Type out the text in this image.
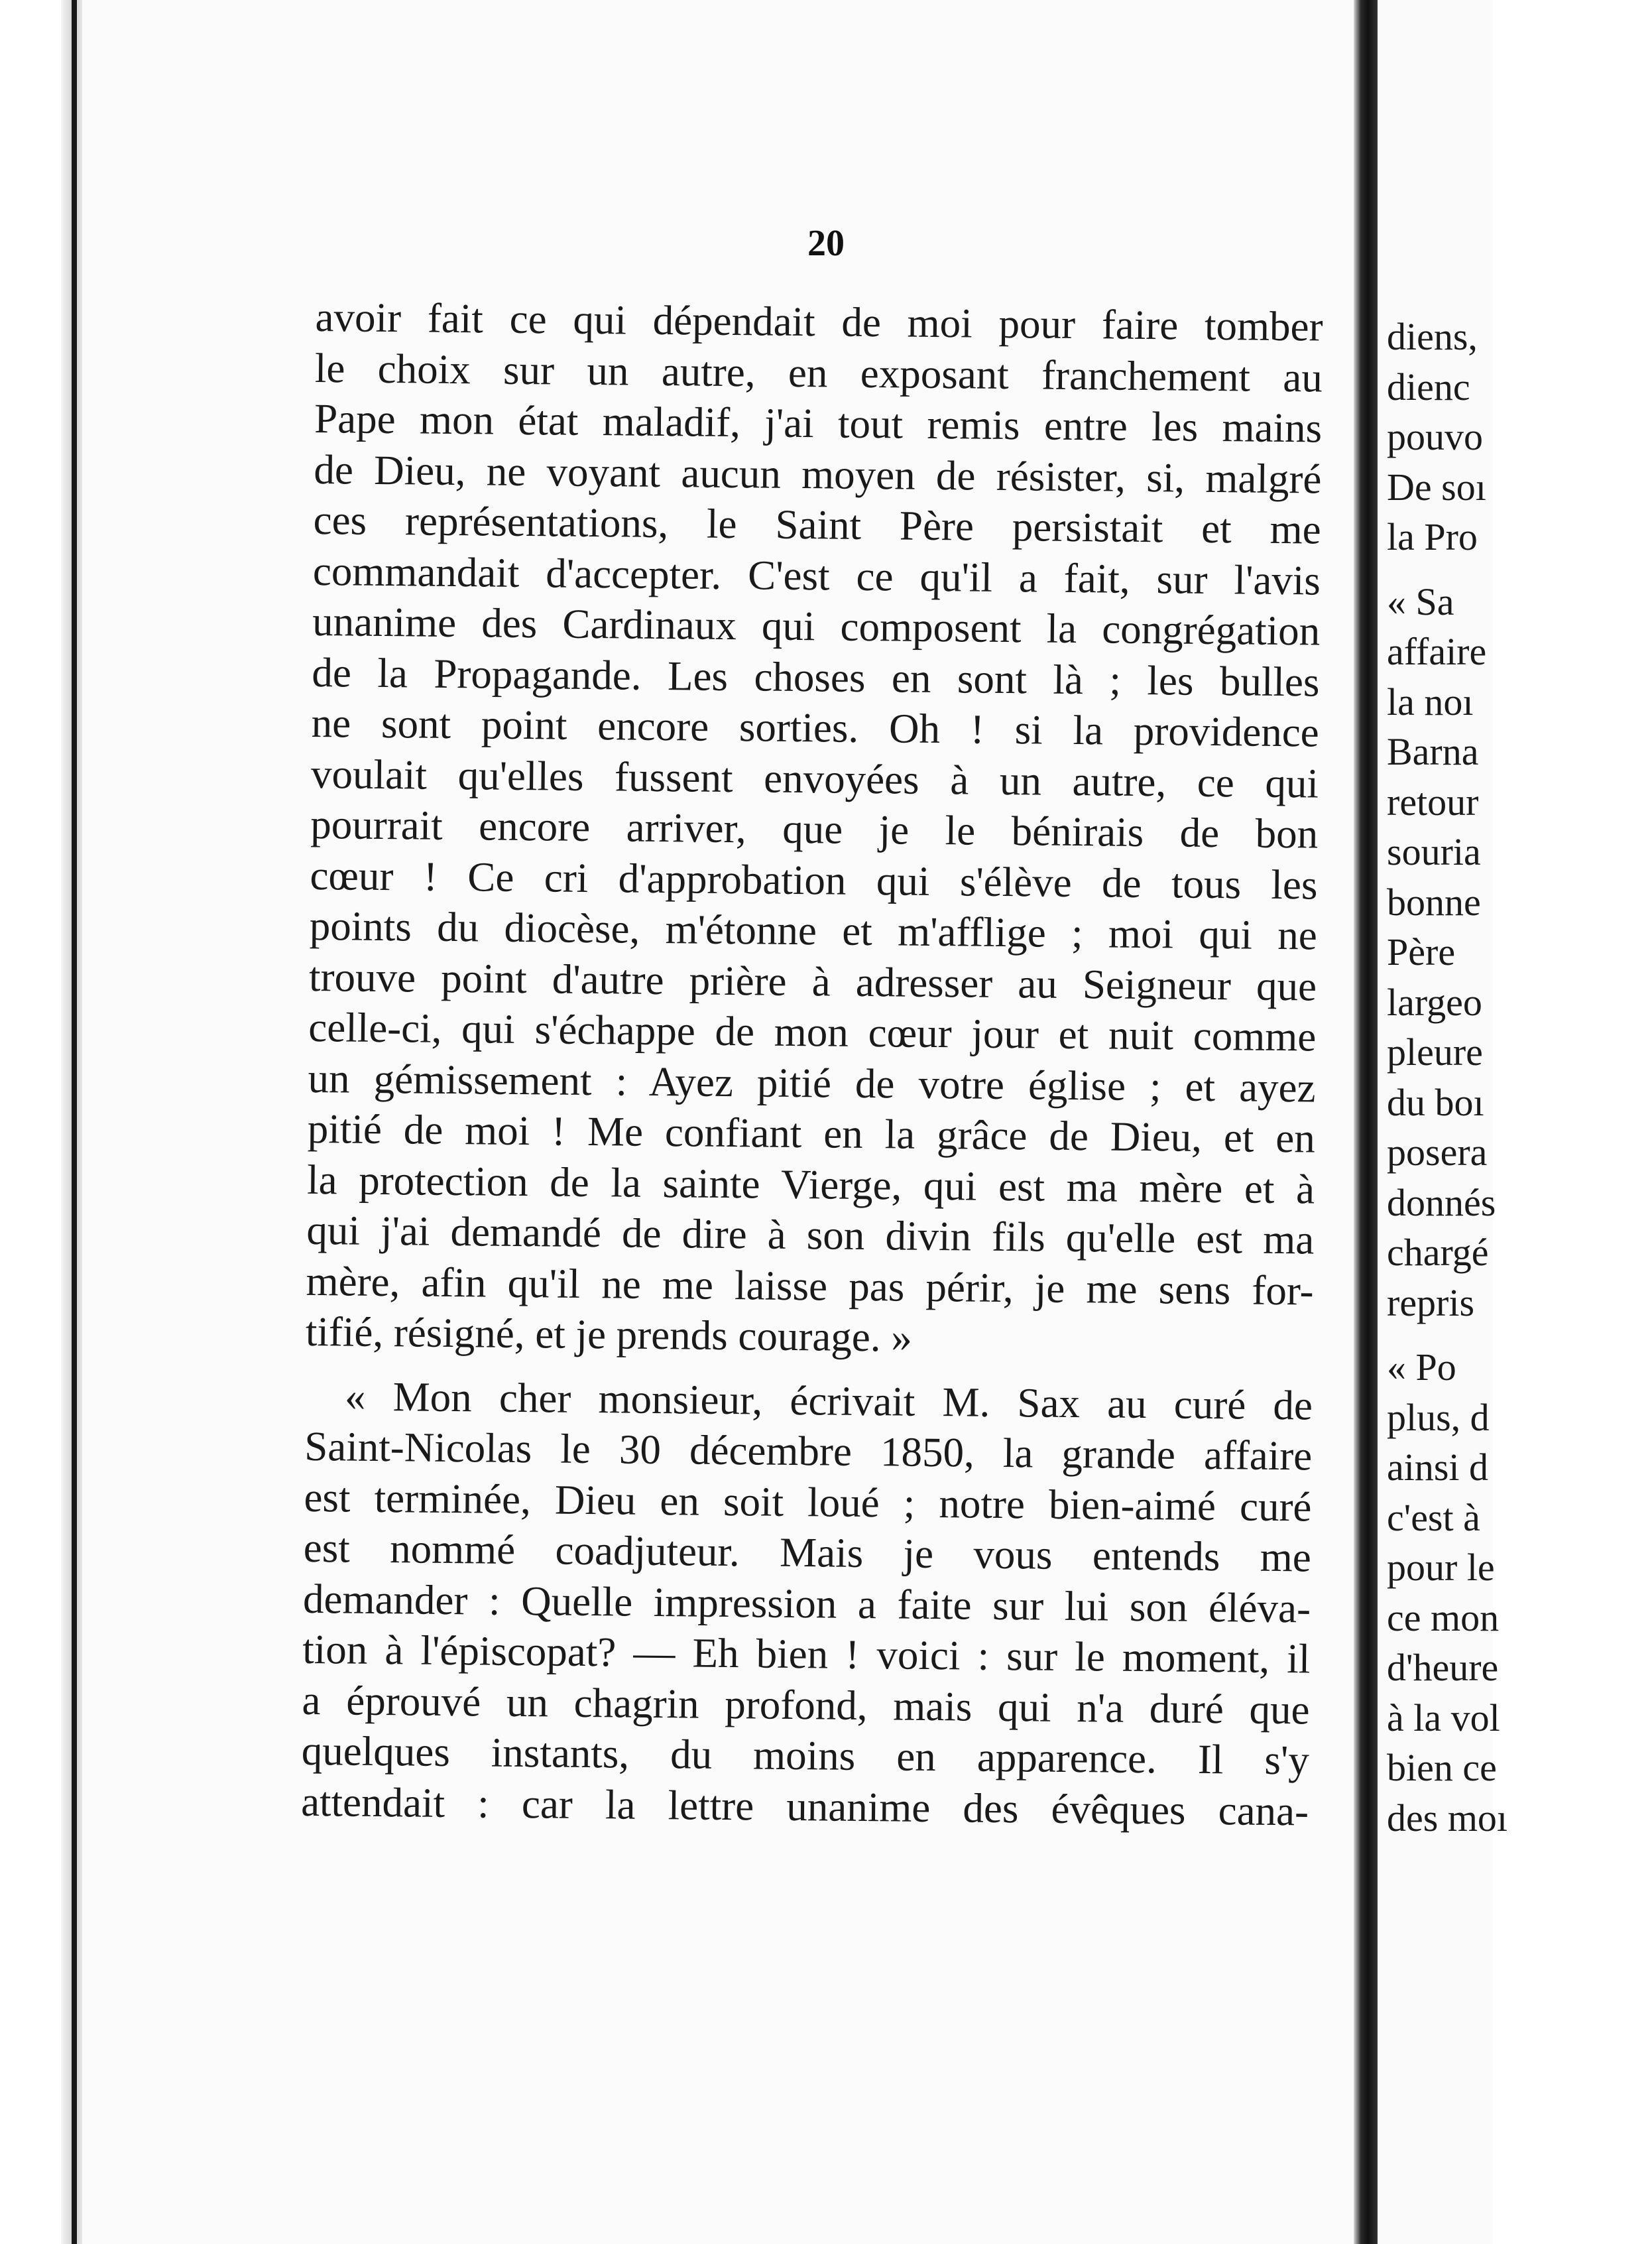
20
avoir fait ce qui dépendait de moi pour faire tomber
le choix sur un autre, en exposant franchement au
Pape mon état maladif, j'ai tout remis entre les mains
de Dieu, ne voyant aucun moyen de résister, si, malgré
ces représentations, le Saint Père persistait et me
commandait d'accepter. C'est ce qu'il a fait, sur l'avis
unanime des Cardinaux qui composent la congrégation
de la Propagande. Les choses en sont là ; les bulles
ne sont point encore sorties. Oh ! si la providence
voulait qu'elles fussent envoyées à un autre, ce qui
pourrait encore arriver, que je le bénirais de bon
cœur ! Ce cri d'approbation qui s'élève de tous les
points du diocèse, m'étonne et m'afflige ; moi qui ne
trouve point d'autre prière à adresser au Seigneur que
celle-ci, qui s'échappe de mon cœur jour et nuit comme
un gémissement : Ayez pitié de votre église ; et ayez
pitié de moi ! Me confiant en la grâce de Dieu, et en
la protection de la sainte Vierge, qui est ma mère et à
qui j'ai demandé de dire à son divin fils qu'elle est ma
mère, afin qu'il ne me laisse pas périr, je me sens for-
tifié, résigné, et je prends courage. »
« Mon cher monsieur, écrivait M. Sax au curé de
Saint-Nicolas le 30 décembre 1850, la grande affaire
est terminée, Dieu en soit loué ; notre bien-aimé curé
est nommé coadjuteur. Mais je vous entends me
demander : Quelle impression a faite sur lui son éléva-
tion à l'épiscopat? — Eh bien ! voici : sur le moment, il
a éprouvé un chagrin profond, mais qui n'a duré que
quelques instants, du moins en apparence. Il s'y
attendait : car la lettre unanime des évêques cana-
diens,
dienc
pouvo
De soı
la Pro
« Sa
affaire
la noı
Barna
retour
souria
bonne
Père
largeo
pleure
du boı
posera
donnés
chargé
repris
« Po
plus, d
ainsi d
c'est à
pour le
ce mon
d'heure
à la vol
bien ce
des moı
